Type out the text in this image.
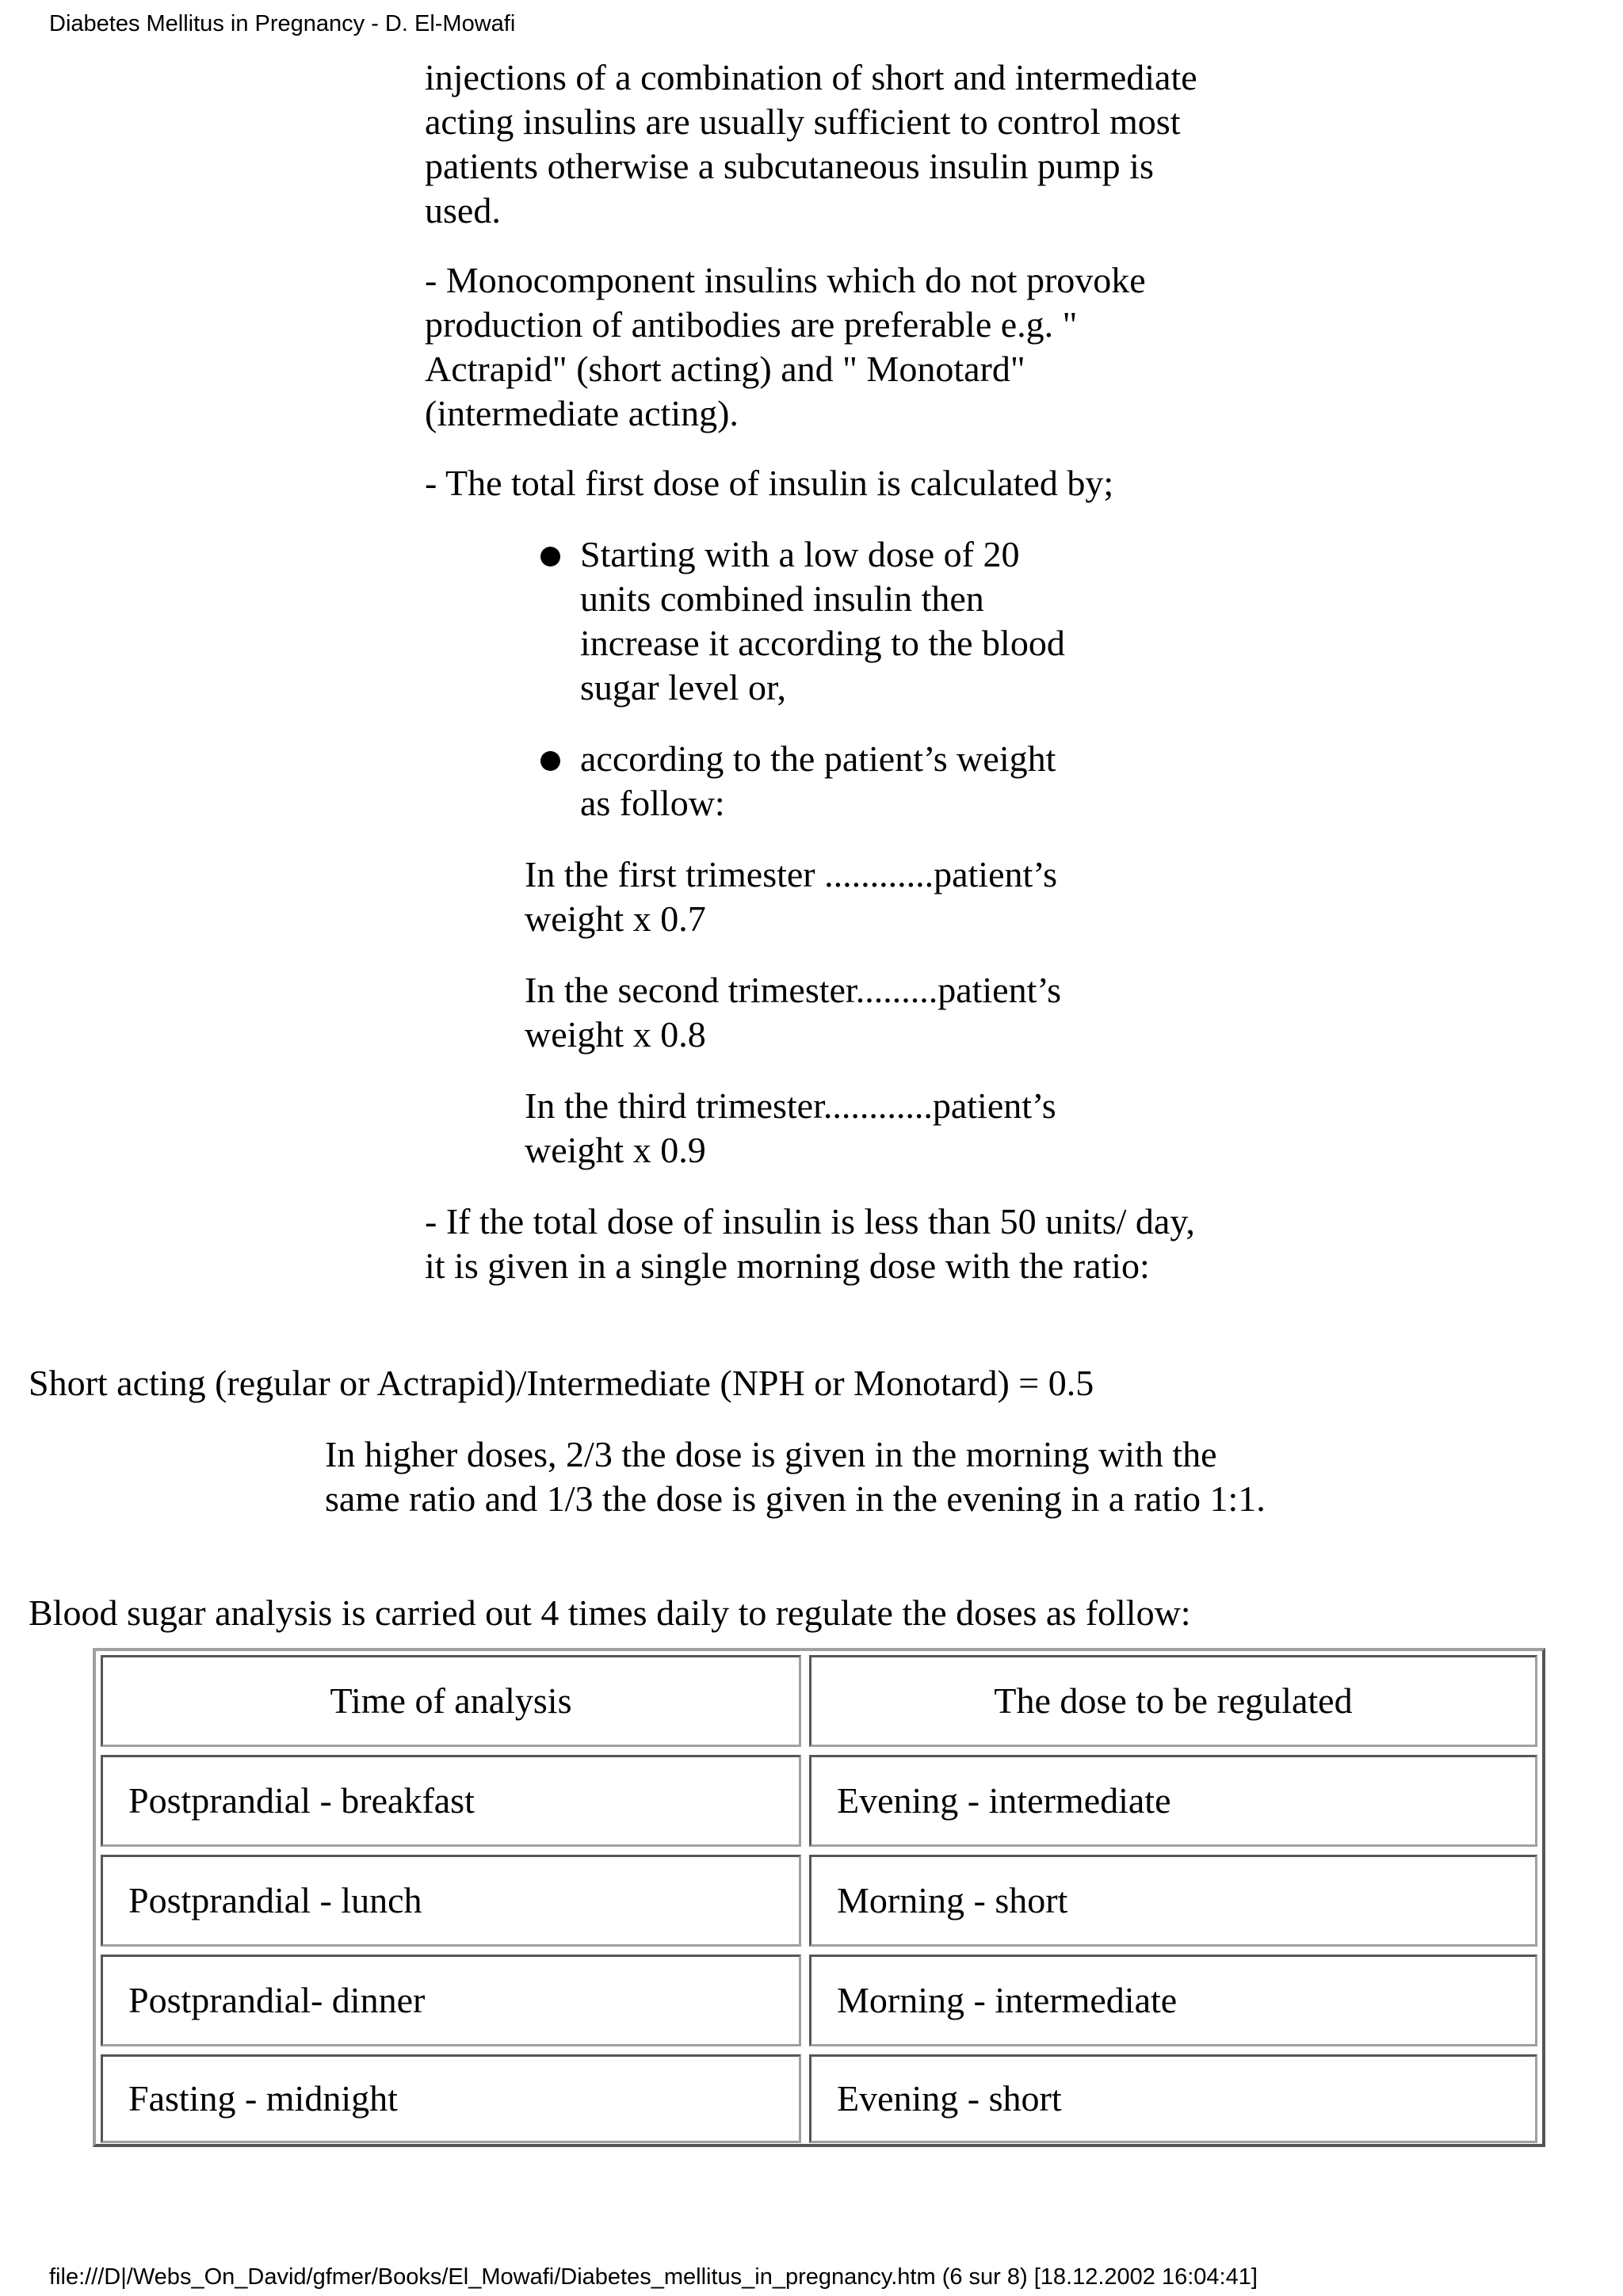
Diabetes Mellitus in Pregnancy - D. El-Mowafi

injections of a combination of short and intermediate acting insulins are usually sufficient to control most patients otherwise a subcutaneous insulin pump is used.

- Monocomponent insulins which do not provoke production of antibodies are preferable e.g. " Actrapid" (short acting) and " Monotard" (intermediate acting).

- The total first dose of insulin is calculated by;

Starting with a low dose of 20 units combined insulin then increase it according to the blood sugar level or,
according to the patient’s weight as follow:

In the first trimester ............patient’s weight x 0.7

In the second trimester.........patient’s weight x 0.8

In the third trimester............patient’s weight x 0.9

- If the total dose of insulin is less than 50 units/ day, it is given in a single morning dose with the ratio:

Short acting (regular or Actrapid)/Intermediate (NPH or Monotard) = 0.5

In higher doses, 2/3 the dose is given in the morning with the same ratio and 1/3 the dose is given in the evening in a ratio 1:1.

Blood sugar analysis is carried out 4 times daily to regulate the doses as follow:

Time of analysis	The dose to be regulated
Postprandial - breakfast	Evening - intermediate
Postprandial - lunch	Morning - short
Postprandial- dinner	Morning - intermediate
Fasting - midnight	Evening - short
file:///D|/Webs_On_David/gfmer/Books/El_Mowafi/Diabetes_mellitus_in_pregnancy.htm (6 sur 8) [18.12.2002 16:04:41]
